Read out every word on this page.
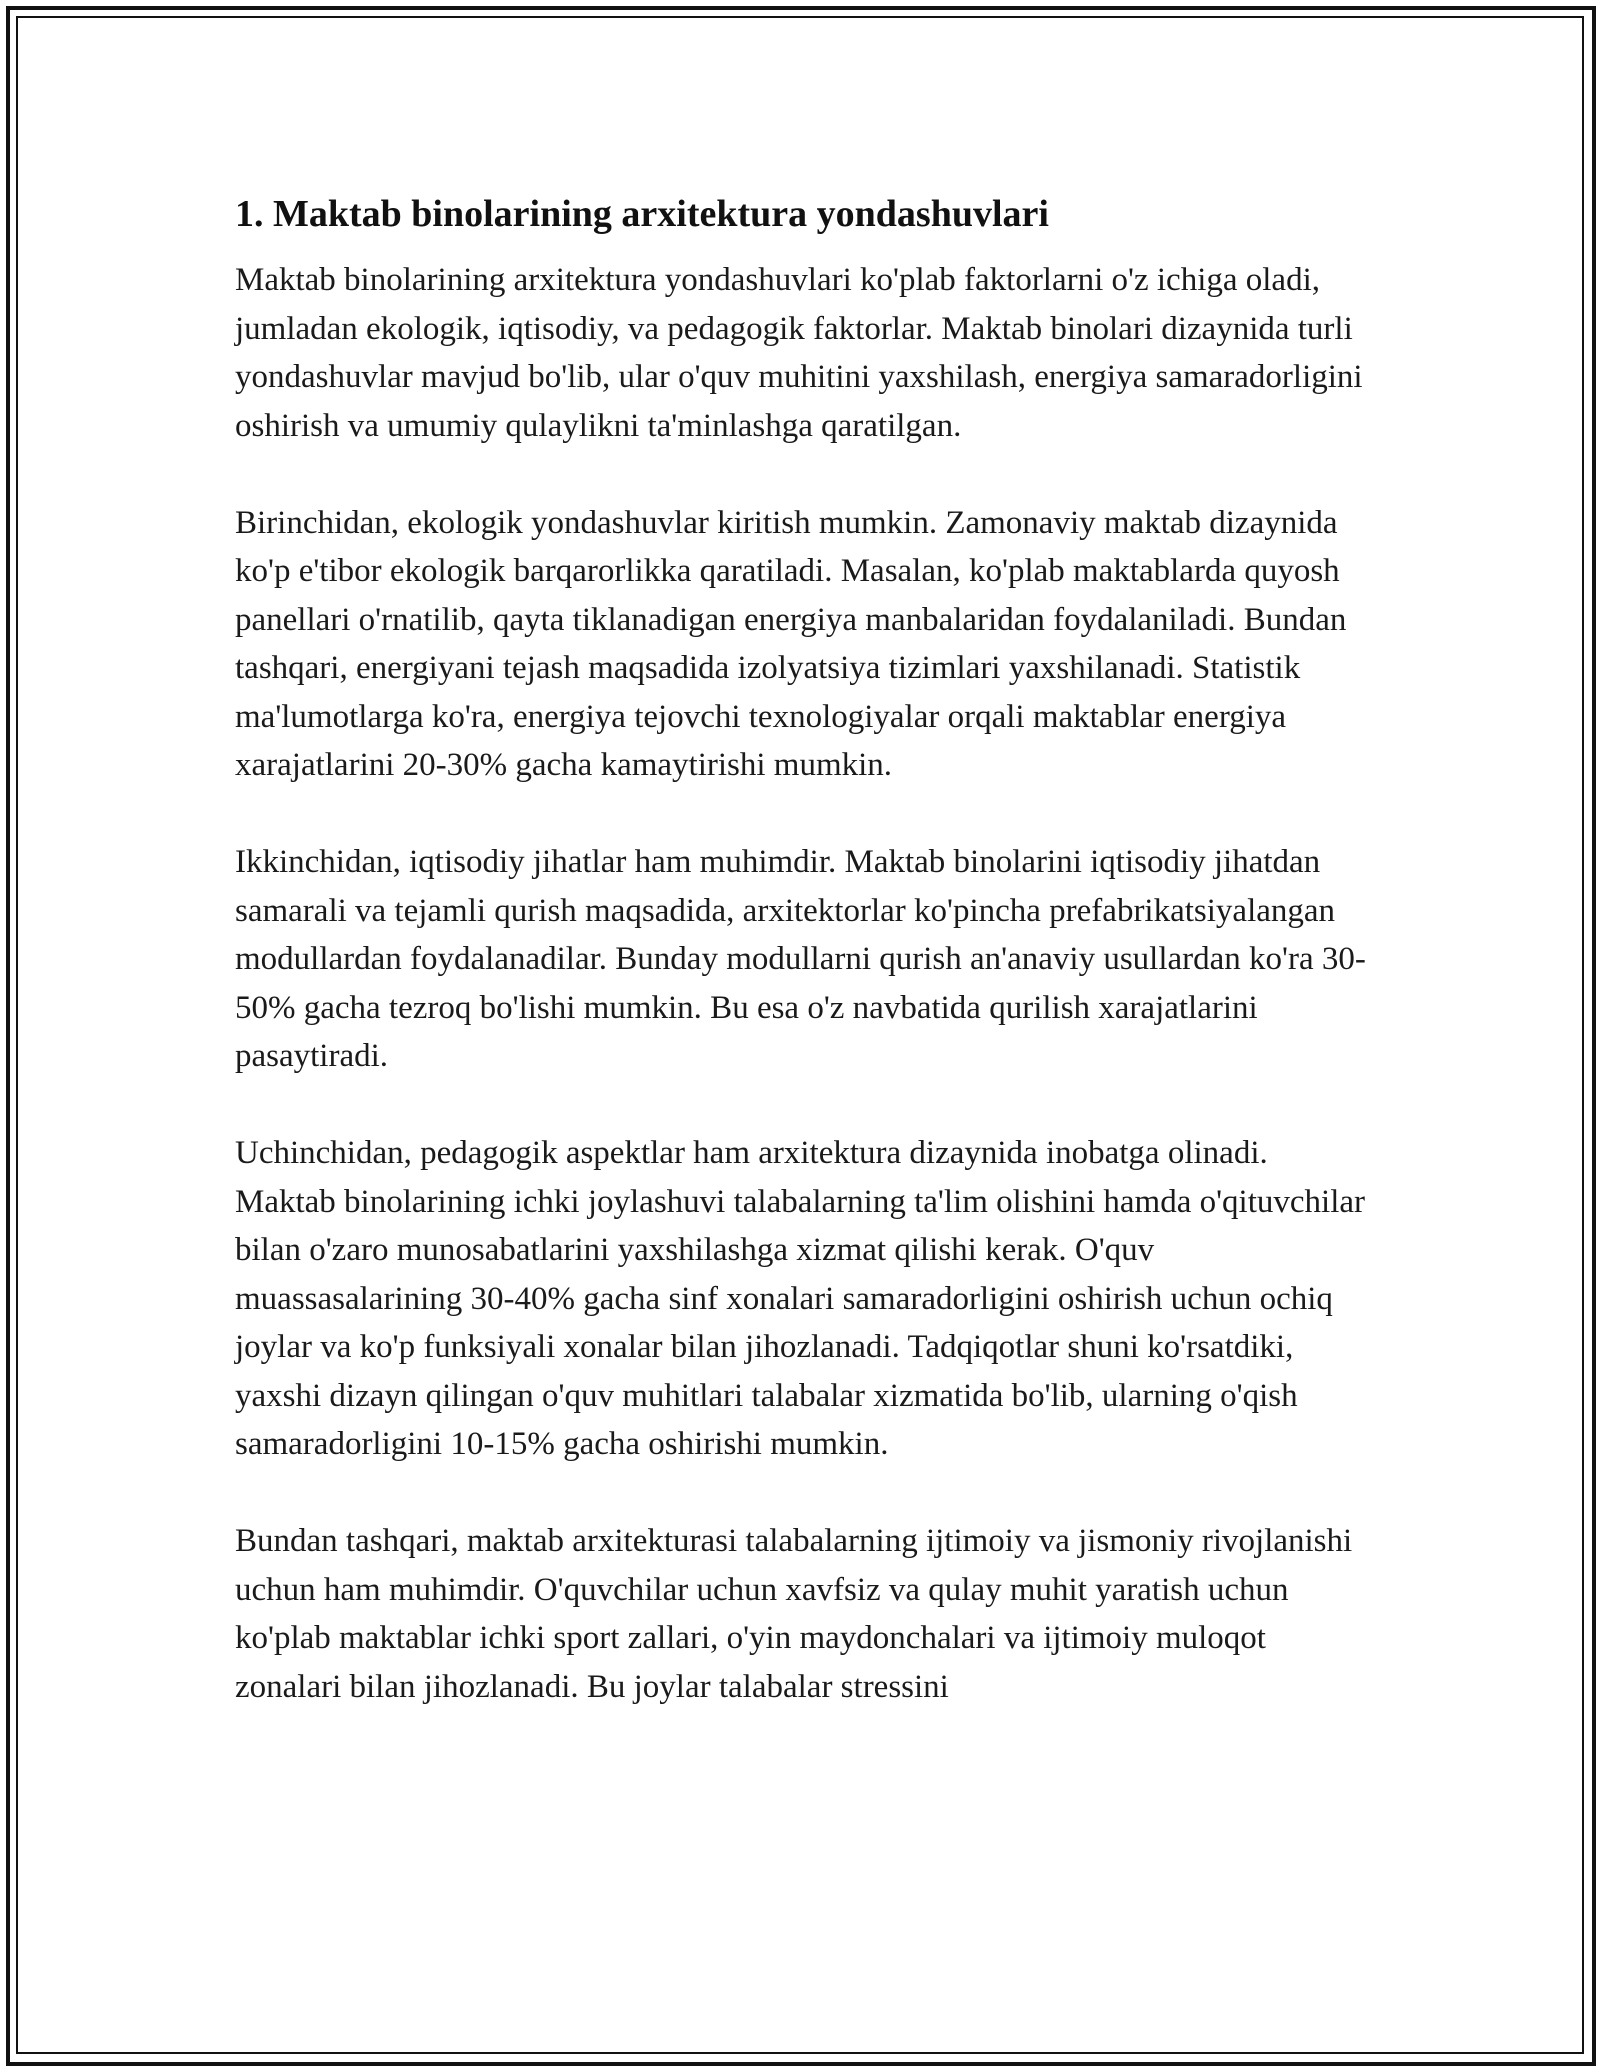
1. Maktab binolarining arxitektura yondashuvlari

Maktab binolarining arxitektura yondashuvlari ko'plab faktorlarni o'z ichiga oladi, jumladan ekologik, iqtisodiy, va pedagogik faktorlar. Maktab binolari dizaynida turli yondashuvlar mavjud bo'lib, ular o'quv muhitini yaxshilash, energiya samaradorligini oshirish va umumiy qulaylikni ta'minlashga qaratilgan.

Birinchidan, ekologik yondashuvlar kiritish mumkin. Zamonaviy maktab dizaynida ko'p e'tibor ekologik barqarorlikka qaratiladi. Masalan, ko'plab maktablarda quyosh panellari o'rnatilib, qayta tiklanadigan energiya manbalaridan foydalaniladi. Bundan tashqari, energiyani tejash maqsadida izolyatsiya tizimlari yaxshilanadi. Statistik ma'lumotlarga ko'ra, energiya tejovchi texnologiyalar orqali maktablar energiya xarajatlarini 20-30% gacha kamaytirishi mumkin.

Ikkinchidan, iqtisodiy jihatlar ham muhimdir. Maktab binolarini iqtisodiy jihatdan samarali va tejamli qurish maqsadida, arxitektorlar ko'pincha prefabrikatsiyalangan modullardan foydalanadilar. Bunday modullarni qurish an'anaviy usullardan ko'ra 30-50% gacha tezroq bo'lishi mumkin. Bu esa o'z navbatida qurilish xarajatlarini pasaytiradi.

Uchinchidan, pedagogik aspektlar ham arxitektura dizaynida inobatga olinadi. Maktab binolarining ichki joylashuvi talabalarning ta'lim olishini hamda o'qituvchilar bilan o'zaro munosabatlarini yaxshilashga xizmat qilishi kerak. O'quv muassasalarining 30-40% gacha sinf xonalari samaradorligini oshirish uchun ochiq joylar va ko'p funksiyali xonalar bilan jihozlanadi. Tadqiqotlar shuni ko'rsatdiki, yaxshi dizayn qilingan o'quv muhitlari talabalar xizmatida bo'lib, ularning o'qish samaradorligini 10-15% gacha oshirishi mumkin.

Bundan tashqari, maktab arxitekturasi talabalarning ijtimoiy va jismoniy rivojlanishi uchun ham muhimdir. O'quvchilar uchun xavfsiz va qulay muhit yaratish uchun ko'plab maktablar ichki sport zallari, o'yin maydonchalari va ijtimoiy muloqot zonalari bilan jihozlanadi. Bu joylar talabalar stressini
